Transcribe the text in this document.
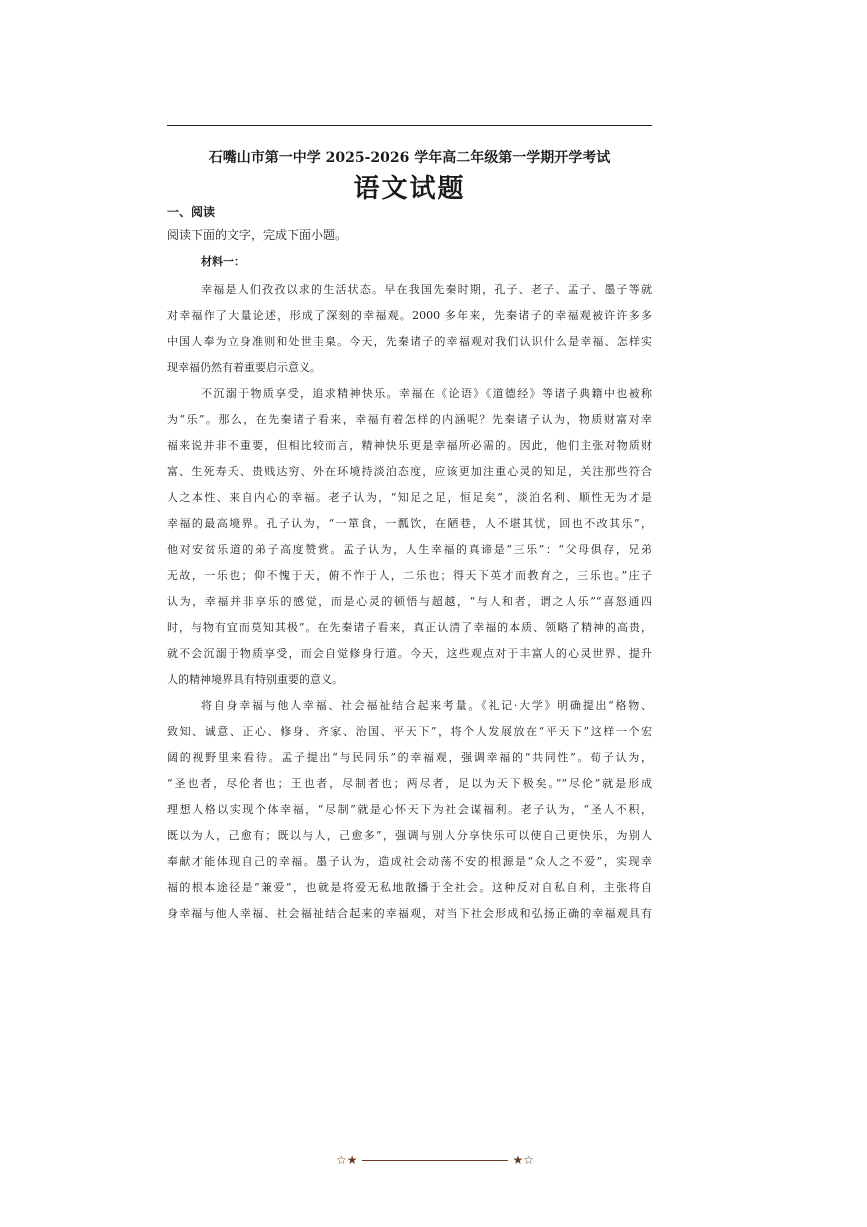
石嘴山市第一中学 2025-2026 学年高二年级第一学期开学考试
语文试题
一、阅读
阅读下面的文字，完成下面小题。
材料一：
幸福是人们孜孜以求的生活状态。早在我国先秦时期，孔子、老子、孟子、墨子等就
对幸福作了大量论述，形成了深刻的幸福观。2000 多年来，先秦诸子的幸福观被许许多多
中国人奉为立身准则和处世圭臬。今天，先秦诸子的幸福观对我们认识什么是幸福、怎样实
现幸福仍然有着重要启示意义。
不沉溺于物质享受，追求精神快乐。幸福在《论语》《道德经》等诸子典籍中也被称
为“乐”。那么，在先秦诸子看来，幸福有着怎样的内涵呢？先秦诸子认为，物质财富对幸
福来说并非不重要，但相比较而言，精神快乐更是幸福所必需的。因此，他们主张对物质财
富、生死寿夭、贵贱达穷、外在环境持淡泊态度，应该更加注重心灵的知足，关注那些符合
人之本性、来自内心的幸福。老子认为，“知足之足，恒足矣”，淡泊名利、顺性无为才是
幸福的最高境界。孔子认为，“一箪食，一瓢饮，在陋巷，人不堪其忧，回也不改其乐”，
他对安贫乐道的弟子高度赞赏。孟子认为，人生幸福的真谛是“三乐”：“父母俱存，兄弟
无故，一乐也；仰不愧于天，俯不怍于人，二乐也；得天下英才而教育之，三乐也。”庄子
认为，幸福并非享乐的感觉，而是心灵的顿悟与超越，“与人和者，谓之人乐”“喜怒通四
时，与物有宜而莫知其极”。在先秦诸子看来，真正认清了幸福的本质、领略了精神的高贵，
就不会沉溺于物质享受，而会自觉修身行道。今天，这些观点对于丰富人的心灵世界、提升
人的精神境界具有特别重要的意义。
将自身幸福与他人幸福、社会福祉结合起来考量。《礼记·大学》明确提出“格物、
致知、诚意、正心、修身、齐家、治国、平天下”，将个人发展放在“平天下”这样一个宏
阔的视野里来看待。孟子提出“与民同乐”的幸福观，强调幸福的“共同性”。荀子认为，
“圣也者，尽伦者也；王也者，尽制者也；两尽者，足以为天下极矣。”“尽伦”就是形成
理想人格以实现个体幸福，“尽制”就是心怀天下为社会谋福利。老子认为，“圣人不积，
既以为人，己愈有；既以与人，己愈多”，强调与别人分享快乐可以使自己更快乐，为别人
奉献才能体现自己的幸福。墨子认为，造成社会动荡不安的根源是“众人之不爱”，实现幸
福的根本途径是“兼爱”，也就是将爱无私地散播于全社会。这种反对自私自利，主张将自
身幸福与他人幸福、社会福祉结合起来的幸福观，对当下社会形成和弘扬正确的幸福观具有
☆★	★☆
